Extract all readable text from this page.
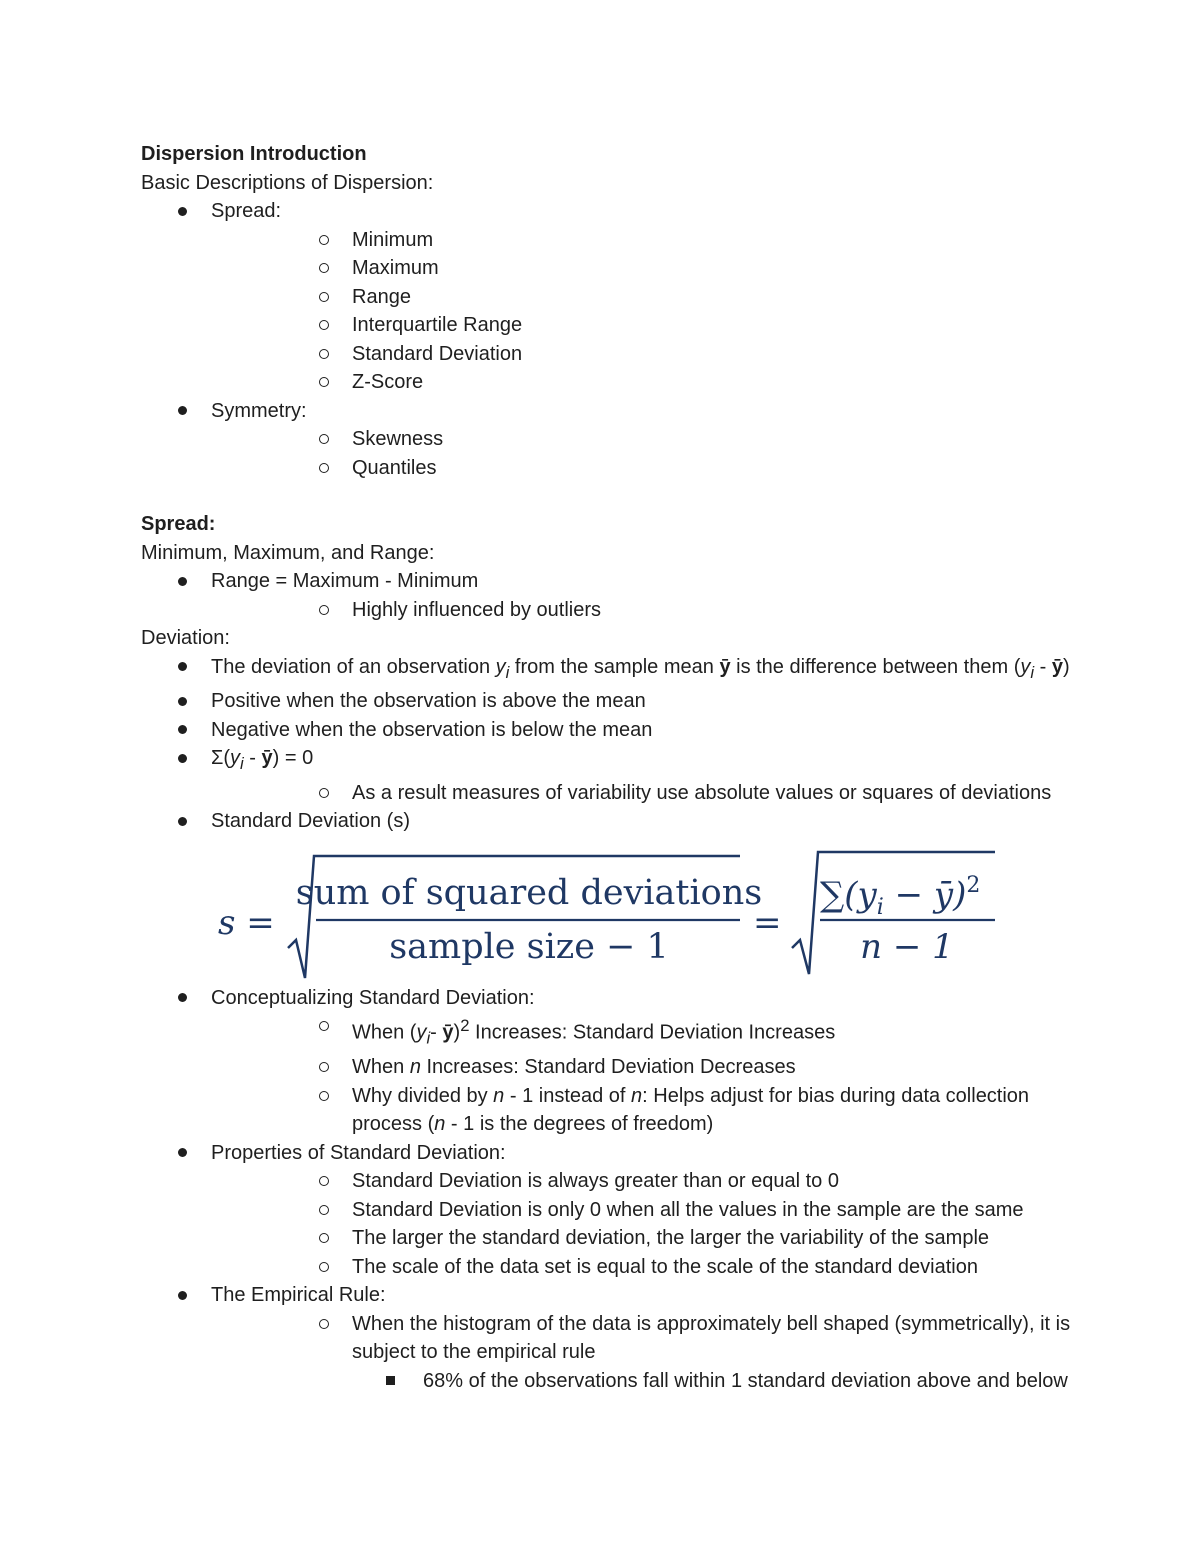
Dispersion Introduction
Basic Descriptions of Dispersion:
Spread:
Minimum
Maximum
Range
Interquartile Range
Standard Deviation
Z-Score
Symmetry:
Skewness
Quantiles
Spread:
Minimum, Maximum, and Range:
Range = Maximum - Minimum
Highly influenced by outliers
Deviation:
The deviation of an observation $y_i$ from the sample mean ȳ is the difference between them ($y_i$ - ȳ)
Positive when the observation is above the mean
Negative when the observation is below the mean
$\Sigma(y_i$ - ȳ) = 0
As a result measures of variability use absolute values or squares of deviations
Standard Deviation (s)
s =
sum of squared deviations
sample size − 1
=
$\sum(y_i$ − ȳ)$^2$
n − 1
Conceptualizing Standard Deviation:
When ($y_i-$ ȳ)$^2$ Increases: Standard Deviation Increases
When n Increases: Standard Deviation Decreases
Why divided by n - 1 instead of n: Helps adjust for bias during data collection process (n - 1 is the degrees of freedom)
Properties of Standard Deviation:
Standard Deviation is always greater than or equal to 0
Standard Deviation is only 0 when all the values in the sample are the same
The larger the standard deviation, the larger the variability of the sample
The scale of the data set is equal to the scale of the standard deviation
The Empirical Rule:
When the histogram of the data is approximately bell shaped (symmetrically), it is subject to the empirical rule
68% of the observations fall within 1 standard deviation above and below
